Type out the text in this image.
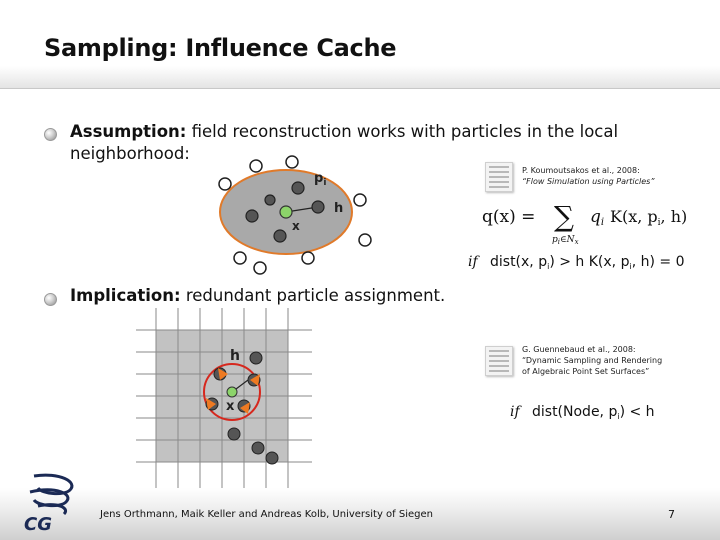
Sampling: Influence Cache
Assumption: field reconstruction works with particles in the local neighborhood:
P. Koumoutsakos et al., 2008:
“Flow Simulation using Particles”
$p_i$
h
x	q(x) = ∑
$p_i\in N_x$
qi K(x, pi, h)
if dist(x, $p_i) > h$ K(x, $p_i$, h) = 0
Implication: redundant particle assignment.
G. Guennebaud et al., 2008:
“Dynamic Sampling and Rendering
of Algebraic Point Set Surfaces”
h
x	if dist(Node, $p_i) < h$
CG	Jens Orthmann, Maik Keller and Andreas Kolb, University of Siegen	7
